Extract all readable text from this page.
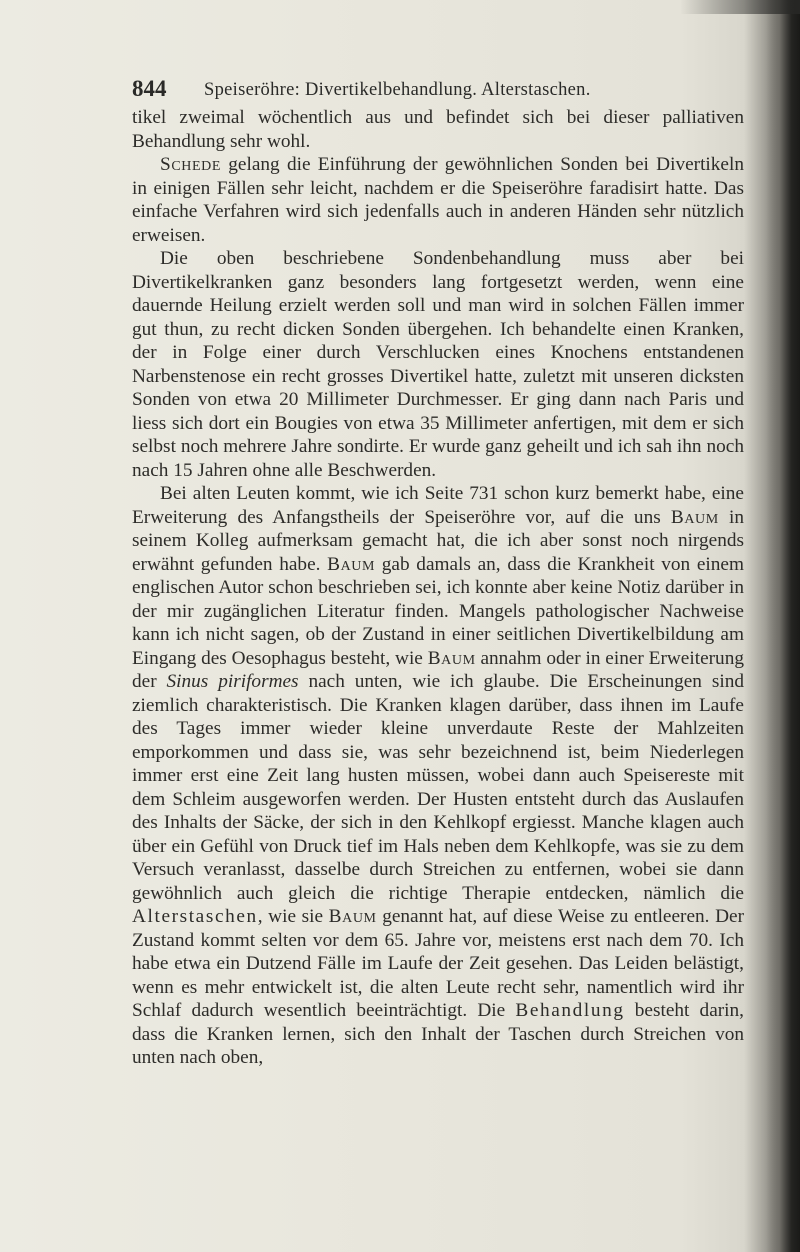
844 Speiseröhre: Divertikelbehandlung. Alterstaschen.

tikel zweimal wöchentlich aus und befindet sich bei dieser palliativen Behandlung sehr wohl.

Schede gelang die Einführung der gewöhnlichen Sonden bei Divertikeln in einigen Fällen sehr leicht, nachdem er die Speiseröhre faradisirt hatte. Das einfache Verfahren wird sich jedenfalls auch in anderen Händen sehr nützlich erweisen.

Die oben beschriebene Sondenbehandlung muss aber bei Divertikelkranken ganz besonders lang fortgesetzt werden, wenn eine dauernde Heilung erzielt werden soll und man wird in solchen Fällen immer gut thun, zu recht dicken Sonden übergehen. Ich behandelte einen Kranken, der in Folge einer durch Verschlucken eines Knochens entstandenen Narbenstenose ein recht grosses Divertikel hatte, zuletzt mit unseren dicksten Sonden von etwa 20 Millimeter Durchmesser. Er ging dann nach Paris und liess sich dort ein Bougies von etwa 35 Millimeter anfertigen, mit dem er sich selbst noch mehrere Jahre sondirte. Er wurde ganz geheilt und ich sah ihn noch nach 15 Jahren ohne alle Beschwerden.

Bei alten Leuten kommt, wie ich Seite 731 schon kurz bemerkt habe, eine Erweiterung des Anfangstheils der Speiseröhre vor, auf die uns Baum in seinem Kolleg aufmerksam gemacht hat, die ich aber sonst noch nirgends erwähnt gefunden habe. Baum gab damals an, dass die Krankheit von einem englischen Autor schon beschrieben sei, ich konnte aber keine Notiz darüber in der mir zugänglichen Literatur finden. Mangels pathologischer Nachweise kann ich nicht sagen, ob der Zustand in einer seitlichen Divertikelbildung am Eingang des Oesophagus besteht, wie Baum annahm oder in einer Erweiterung der Sinus piriformes nach unten, wie ich glaube. Die Erscheinungen sind ziemlich charakteristisch. Die Kranken klagen darüber, dass ihnen im Laufe des Tages immer wieder kleine unverdaute Reste der Mahlzeiten emporkommen und dass sie, was sehr bezeichnend ist, beim Niederlegen immer erst eine Zeit lang husten müssen, wobei dann auch Speisereste mit dem Schleim ausgeworfen werden. Der Husten entsteht durch das Auslaufen des Inhalts der Säcke, der sich in den Kehlkopf ergiesst. Manche klagen auch über ein Gefühl von Druck tief im Hals neben dem Kehlkopfe, was sie zu dem Versuch veranlasst, dasselbe durch Streichen zu entfernen, wobei sie dann gewöhnlich auch gleich die richtige Therapie entdecken, nämlich die Alterstaschen, wie sie Baum genannt hat, auf diese Weise zu entleeren. Der Zustand kommt selten vor dem 65. Jahre vor, meistens erst nach dem 70. Ich habe etwa ein Dutzend Fälle im Laufe der Zeit gesehen. Das Leiden belästigt, wenn es mehr entwickelt ist, die alten Leute recht sehr, namentlich wird ihr Schlaf dadurch wesentlich beeinträchtigt. Die Behandlung besteht darin, dass die Kranken lernen, sich den Inhalt der Taschen durch Streichen von unten nach oben,
